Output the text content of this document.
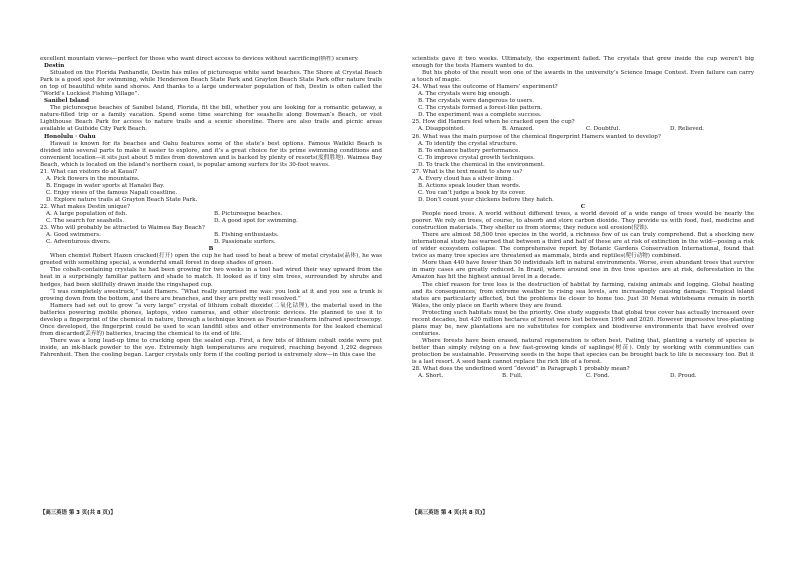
excellent mountain views—perfect for those who want direct access to devices without sacrificing(牺牲) scenery.

Destin

Situated on the Florida Panhandle, Destin has miles of picturesque white sand beaches. The Shore at Crystal Beach Park is a good spot for swimming, while Henderson Beach State Park and Grayton Beach State Park offer nature trails on top of beautiful white sand shores. And thanks to a large underwater population of fish, Destin is often called the “World’s Luckiest Fishing Village”.

Sanibel Island

The picturesque beaches of Sanibel Island, Florida, fit the bill, whether you are looking for a romantic getaway, a nature-filled trip or a family vacation. Spend some time searching for seashells along Bowman’s Beach, or visit Lighthouse Beach Park for access to nature trails and a scenic shoreline. There are also trails and picnic areas available at Gulfside City Park Beach.

Honolulu · Oahu

Hawaii is known for its beaches and Oahu features some of the state’s best options. Famous Waikiki Beach is divided into several parts to make it easier to explore, and it’s a great choice for its prime swimming conditions and convenient location—it sits just about 5 miles from downtown and is backed by plenty of resorts(度假胜地). Waimea Bay Beach, which is located on the island’s northern coast, is popular among surfers for its 30-foot waves.

21. What can visitors do at Kauai?

A. Pick flowers in the mountains.

B. Engage in water sports at Hanalei Bay.

C. Enjoy views of the famous Napali coastline.

D. Explore nature trails at Grayton Beach State Park.

22. What makes Destin unique?

A. A large population of fish.	B. Picturesque beaches.
C. The search for seashells.	D. A good spot for swimming.

23. Who will probably be attracted to Waimea Bay Beach?

A. Good swimmers.	B. Fishing enthusiasts.
C. Adventurous divers.	D. Passionate surfers.

B

When chemist Robert Hazen cracked(打开) open the cup he had used to heat a brew of metal crystals(晶体), he was greeted with something special, a wonderful small forest in deep shades of green.

The cobalt-containing crystals he had been growing for two weeks in a tool had wired their way upward from the heat in a surprisingly familiar pattern and shade to match. It looked as if tiny elm trees, surrounded by shrubs and hedges, had been skillfully drawn inside the ringshaped cup.

“I was completely awestruck,” said Hamers. “What really surprised me was: you look at it and you see a trunk is growing down from the bottom, and there are branches, and they are pretty well resolved.”

Hamers had set out to grow “a very large” crystal of lithium cobalt dioxide(二氧化钴锂), the material used in the batteries powering mobile phones, laptops, video cameras, and other electronic devices. He planned to use it to develop a fingerprint of the chemical in nature, through a technique known as Fourier-transform infrared spectroscopy. Once developed, the fingerprint could be used to scan landfill sites and other environments for the leaked chemical from discarded(丢弃的) batteries, tracing the chemical to its end of life.

There was a long lead-up time to cracking open the sealed cup. First, a few bits of lithium cobalt oxide were put inside, an ink-black powder to the eye. Extremely high temperatures are required, reaching beyond 1,292 degrees Fahrenheit. Then the cooling began. Larger crystals only form if the cooling period is extremely slow—in this case the

scientists gave it two weeks. Ultimately, the experiment failed. The crystals that grew inside the cup weren’t big enough for the tests Hamers wanted to do.

But his photo of the result won one of the awards in the university’s Science Image Contest. Even failure can carry a touch of magic.

24. What was the outcome of Hamers’ experiment?

A. The crystals were big enough.

B. The crystals were dangerous to users.

C. The crystals formed a forest-like pattern.

D. The experiment was a complete success.

25. How did Hamers feel when he cracked open the cup?

A. Disappointed.	B. Amazed.	C. Doubtful.	D. Relieved.

26. What was the main purpose of the chemical fingerprint Hamers wanted to develop?

A. To identify the crystal structure.

B. To enhance battery performance.

C. To improve crystal growth techniques.

D. To track the chemical in the environment.

27. What is the text meant to show us?

A. Every cloud has a silver lining.

B. Actions speak louder than words.

C. You can’t judge a book by its cover.

D. Don’t count your chickens before they hatch.

C

People need trees. A world without different trees, a world devoid of a wide range of trees would be nearly the poorer. We rely on trees, of course, to absorb and store carbon dioxide. They provide us with food, fuel, medicine and construction materials. They shelter us from storms; they reduce soil erosion(侵蚀).

There are almost 58,500 tree species in the world, a richness few of us can truly comprehend. But a shocking new international study has warned that between a third and half of these are at risk of extinction in the wild—posing a risk of wider ecosystem collapse. The comprehensive report by Botanic Gardens Conservation International, found that twice as many tree species are threatened as mammals, birds and reptiles(爬行动物) combined.

More than 440 have fewer than 50 individuals left in natural environments. Worse, even abundant trees that survive in many cases are greatly reduced. In Brazil, where around one in five tree species are at risk, deforestation in the Amazon has hit the highest annual level in a decade.

The chief reason for tree loss is the destruction of habitat by farming, raising animals and logging. Global heating and its consequences, from extreme weather to rising sea levels, are increasingly causing damage. Tropical island states are particularly affected, but the problems lie closer to home too. Just 30 Menai whitebeams remain in north Wales, the only place on Earth where they are found.

Protecting such habitats must be the priority. One study suggests that global tree cover has actually increased over recent decades, but 420 million hectares of forest were lost between 1990 and 2020. However impressive tree-planting plans may be, new plantations are no substitutes for complex and biodiverse environments that have evolved over centuries.

Where forests have been erased, natural regeneration is often best. Failing that, planting a variety of species is better than simply relying on a few fast-growing kinds of saplings(树苗). Only by working with communities can protection be sustainable. Preserving seeds in the hope that species can be brought back to life is necessary too. But it is a last resort. A seed bank cannot replace the rich life of a forest.

28. What does the underlined word “devoid” in Paragraph 1 probably mean?

A. Short.	B. Full.	C. Fond.	D. Proud.
【高三英语 第 3 页(共 8 页)】	【高三英语 第 4 页(共 8 页)】
